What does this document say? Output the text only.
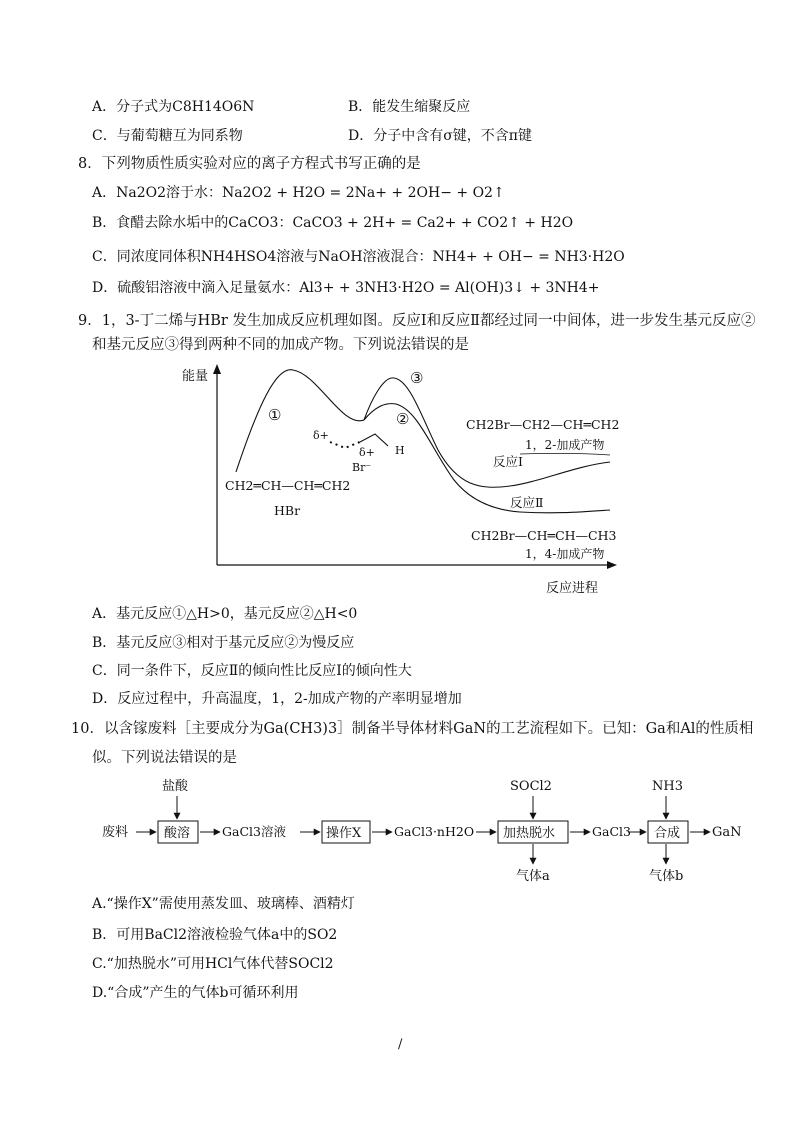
A．分子式为C8H14O6N	B．能发生缩聚反应
C．与葡萄糖互为同系物	D．分子中含有σ键，不含π键
8．下列物质性质实验对应的离子方程式书写正确的是
A．Na2O2溶于水：Na2O2 + H2O = 2Na+ + 2OH− + O2↑
B．食醋去除水垢中的CaCO3：CaCO3 + 2H+ = Ca2+ + CO2↑ + H2O
C．同浓度同体积NH4HSO4溶液与NaOH溶液混合：NH4+ + OH− = NH3·H2O
D．硫酸铝溶液中滴入足量氨水：Al3+ + 3NH3·H2O = Al(OH)3↓ + 3NH4+
9．1，3-丁二烯与HBr 发生加成反应机理如图。反应Ⅰ和反应Ⅱ都经过同一中间体，进一步发生基元反应②
和基元反应③得到两种不同的加成产物。下列说法错误的是
能量
反应进程
①	②
③
δ+
δ+ H
Br⁻
CH2═CH—CH═CH2
HBr
CH2Br—CH2—CH═CH2
1，2-加成产物
反应Ⅰ
反应Ⅱ
CH2Br—CH═CH—CH3
1，4-加成产物
A．基元反应①△H>0，基元反应②△H<0
B．基元反应③相对于基元反应②为慢反应
C．同一条件下，反应Ⅱ的倾向性比反应Ⅰ的倾向性大
D．反应过程中，升高温度，1，2-加成产物的产率明显增加
10．以含镓废料［主要成分为Ga(CH3)3］制备半导体材料GaN的工艺流程如下。已知：Ga和Al的性质相
似。下列说法错误的是
盐酸	SOCl2	NH3
废料	酸溶	GaCl3溶液	操作X	GaCl3·nH2O 加热脱水	GaCl3 合成 GaN
气体a	气体b
A.“操作X”需使用蒸发皿、玻璃棒、酒精灯
B．可用BaCl2溶液检验气体a中的SO2
C.“加热脱水”可用HCl气体代替SOCl2
D.“合成”产生的气体b可循环利用
/
